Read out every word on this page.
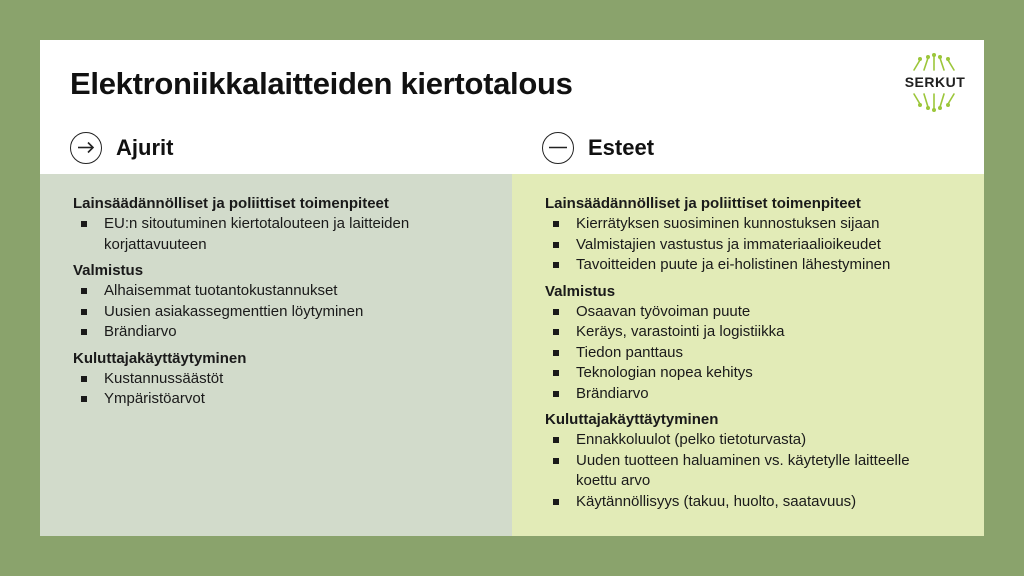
Elektroniikkalaitteiden kiertotalous	SERKUT
Ajurit	Esteet
Lainsäädännölliset ja poliittiset toimenpiteet
EU:n sitoutuminen kiertotalouteen ja laitteiden korjattavuuteen
Valmistus
Alhaisemmat tuotantokustannukset
Uusien asiakassegmenttien löytyminen
Brändiarvo
Kuluttajakäyttäytyminen
Kustannussäästöt
Ympäristöarvot
Lainsäädännölliset ja poliittiset toimenpiteet
Kierrätyksen suosiminen kunnostuksen sijaan
Valmistajien vastustus ja immateriaalioikeudet
Tavoitteiden puute ja ei-holistinen lähestyminen
Valmistus
Osaavan työvoiman puute
Keräys, varastointi ja logistiikka
Tiedon panttaus
Teknologian nopea kehitys
Brändiarvo
Kuluttajakäyttäytyminen
Ennakkoluulot (pelko tietoturvasta)
Uuden tuotteen haluaminen vs. käytetylle laitteelle koettu arvo
Käytännöllisyys (takuu, huolto, saatavuus)
